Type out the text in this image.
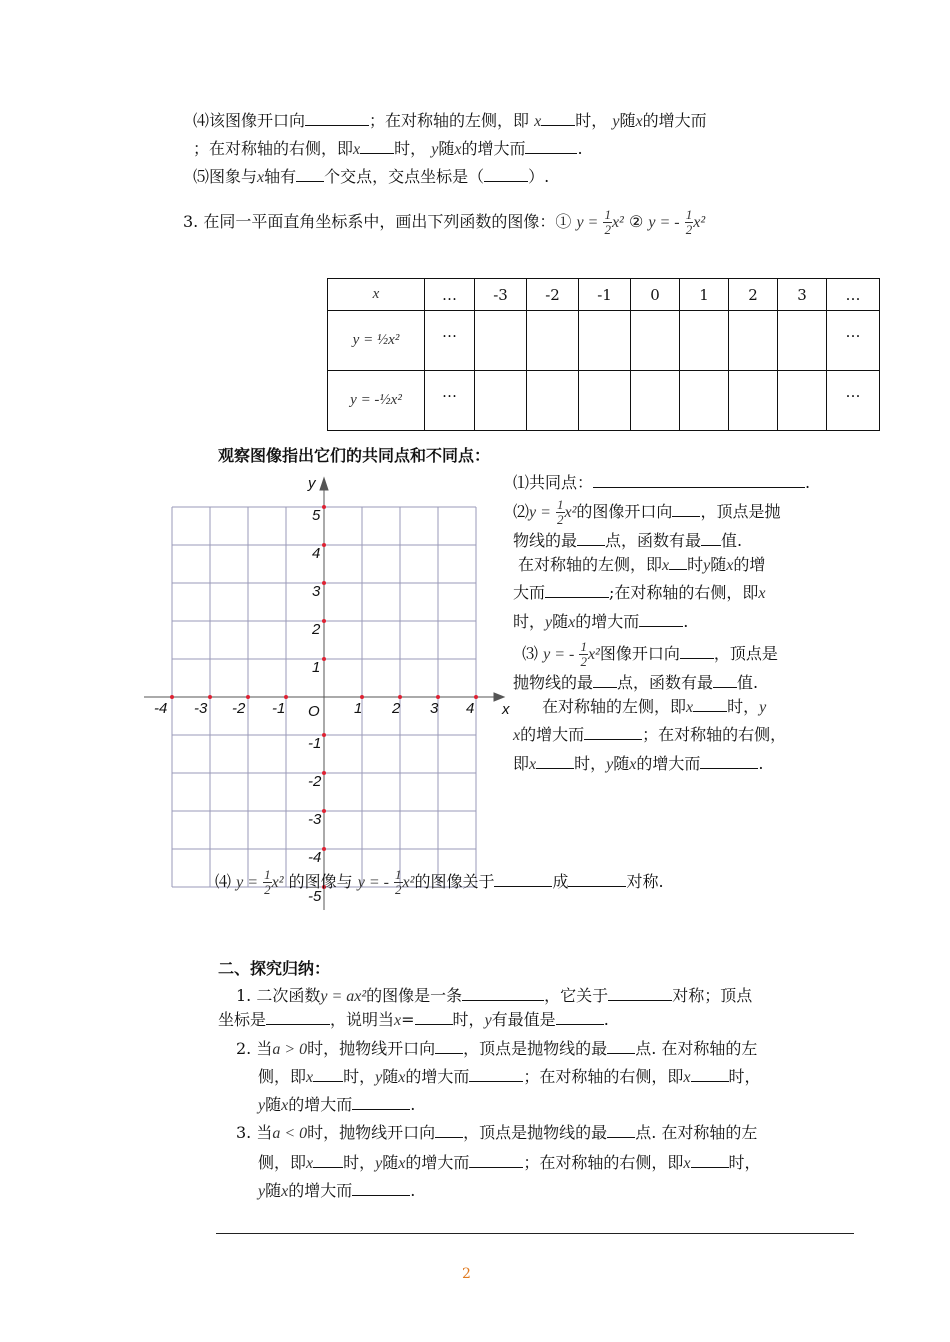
⑷该图像开口向	；在对称轴的左侧，即 x 时， y随x的增大而
；在对称轴的右侧，即x 时， y随x的增大而	.
⑸图象与x轴有 个交点，交点坐标是（	）.
3. 在同一平面直角坐标系中，画出下列函数的图像：① $y = \frac{1}{2} x^2$ ② y = - $\frac{1}{2} x^2$
x	…	-3	-2	-1	0	1	2	3	…
y = ½x²	…								…
y = -½x²	…								…
观察图像指出它们的共同点和不同点：
-4 -3 -2 -1	1 2 3 4
5
4
3
2
1
-1
-2
-3
-4
-5
O	x
y	⑴共同点：	.
⑵y = $\frac{1}{2} x^2$的图像开口向 ，顶点是抛
物线的最 点，函数有最 值.
在对称轴的左侧，即x 时y随x的增
大而	;在对称轴的右侧，即x
时，y随x的增大而	.
⑶ y = - $\frac{1}{2} x^2$图像开口向 ，顶点是
抛物线的最 点，函数有最 值.
在对称轴的左侧，即x 时，y
x的增大而	；在对称轴的右侧，
即x 时，y随x的增大而	.
⑷ $y = \frac{1}{2} x^2$ 的图像与 y = - $\frac{1}{2} x^2$的图像关于	成	对称.
二、探究归纳：
1. 二次函数y = ax²的图像是一条	，它关于	对称；顶点
坐标是	，说明当x= 时，y有最值是	.
2. 当a > 0时，抛物线开口向 ，顶点是抛物线的最 点. 在对称轴的左
侧，即x 时，y随x的增大而	；在对称轴的右侧，即x 时，
y随x的增大而	.
3. 当a < 0时，抛物线开口向 ，顶点是抛物线的最 点. 在对称轴的左
侧，即x 时，y随x的增大而	；在对称轴的右侧，即x 时，
y随x的增大而	.
2
